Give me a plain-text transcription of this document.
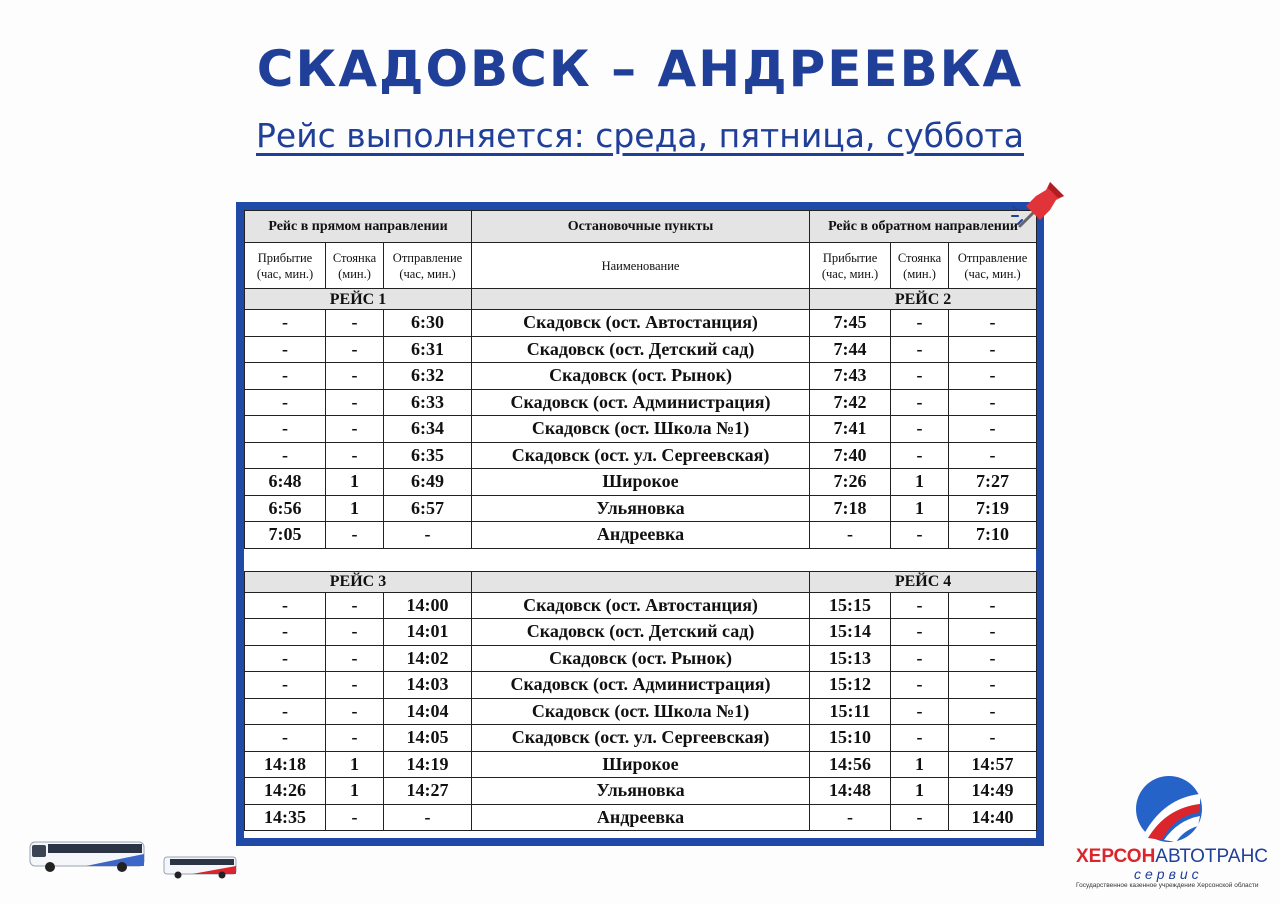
СКАДОВСК – АНДРЕЕВКА
Рейс выполняется: среда, пятница, суббота
Рейс в прямом направлении			Остановочные пункты	Рейс в обратном направлении		
Прибытие (час, мин.)	Стоянка (мин.)	Отправление (час, мин.)	Наименование	Прибытие (час, мин.)	Стоянка (мин.)	Отправление (час, мин.)
РЕЙС 1				РЕЙС 2		
-	-	6:30	Скадовск (ост. Автостанция)	7:45	-	-
-	-	6:31	Скадовск (ост. Детский сад)	7:44	-	-
-	-	6:32	Скадовск (ост. Рынок)	7:43	-	-
-	-	6:33	Скадовск (ост. Администрация)	7:42	-	-
-	-	6:34	Скадовск (ост. Школа №1)	7:41	-	-
-	-	6:35	Скадовск (ост. ул. Сергеевская)	7:40	-	-
6:48	1	6:49	Широкое	7:26	1	7:27
6:56	1	6:57	Ульяновка	7:18	1	7:19
7:05	-	-	Андреевка	-	-	7:10

РЕЙС 3				РЕЙС 4		
-	-	14:00	Скадовск (ост. Автостанция)	15:15	-	-
-	-	14:01	Скадовск (ост. Детский сад)	15:14	-	-
-	-	14:02	Скадовск (ост. Рынок)	15:13	-	-
-	-	14:03	Скадовск (ост. Администрация)	15:12	-	-
-	-	14:04	Скадовск (ост. Школа №1)	15:11	-	-
-	-	14:05	Скадовск (ост. ул. Сергеевская)	15:10	-	-
14:18	1	14:19	Широкое	14:56	1	14:57
14:26	1	14:27	Ульяновка	14:48	1	14:49
14:35	-	-	Андреевка	-	-	14:40
ХЕРСОНАВТОТРАНС
сервис
Государственное казенное учреждение Херсонской области
